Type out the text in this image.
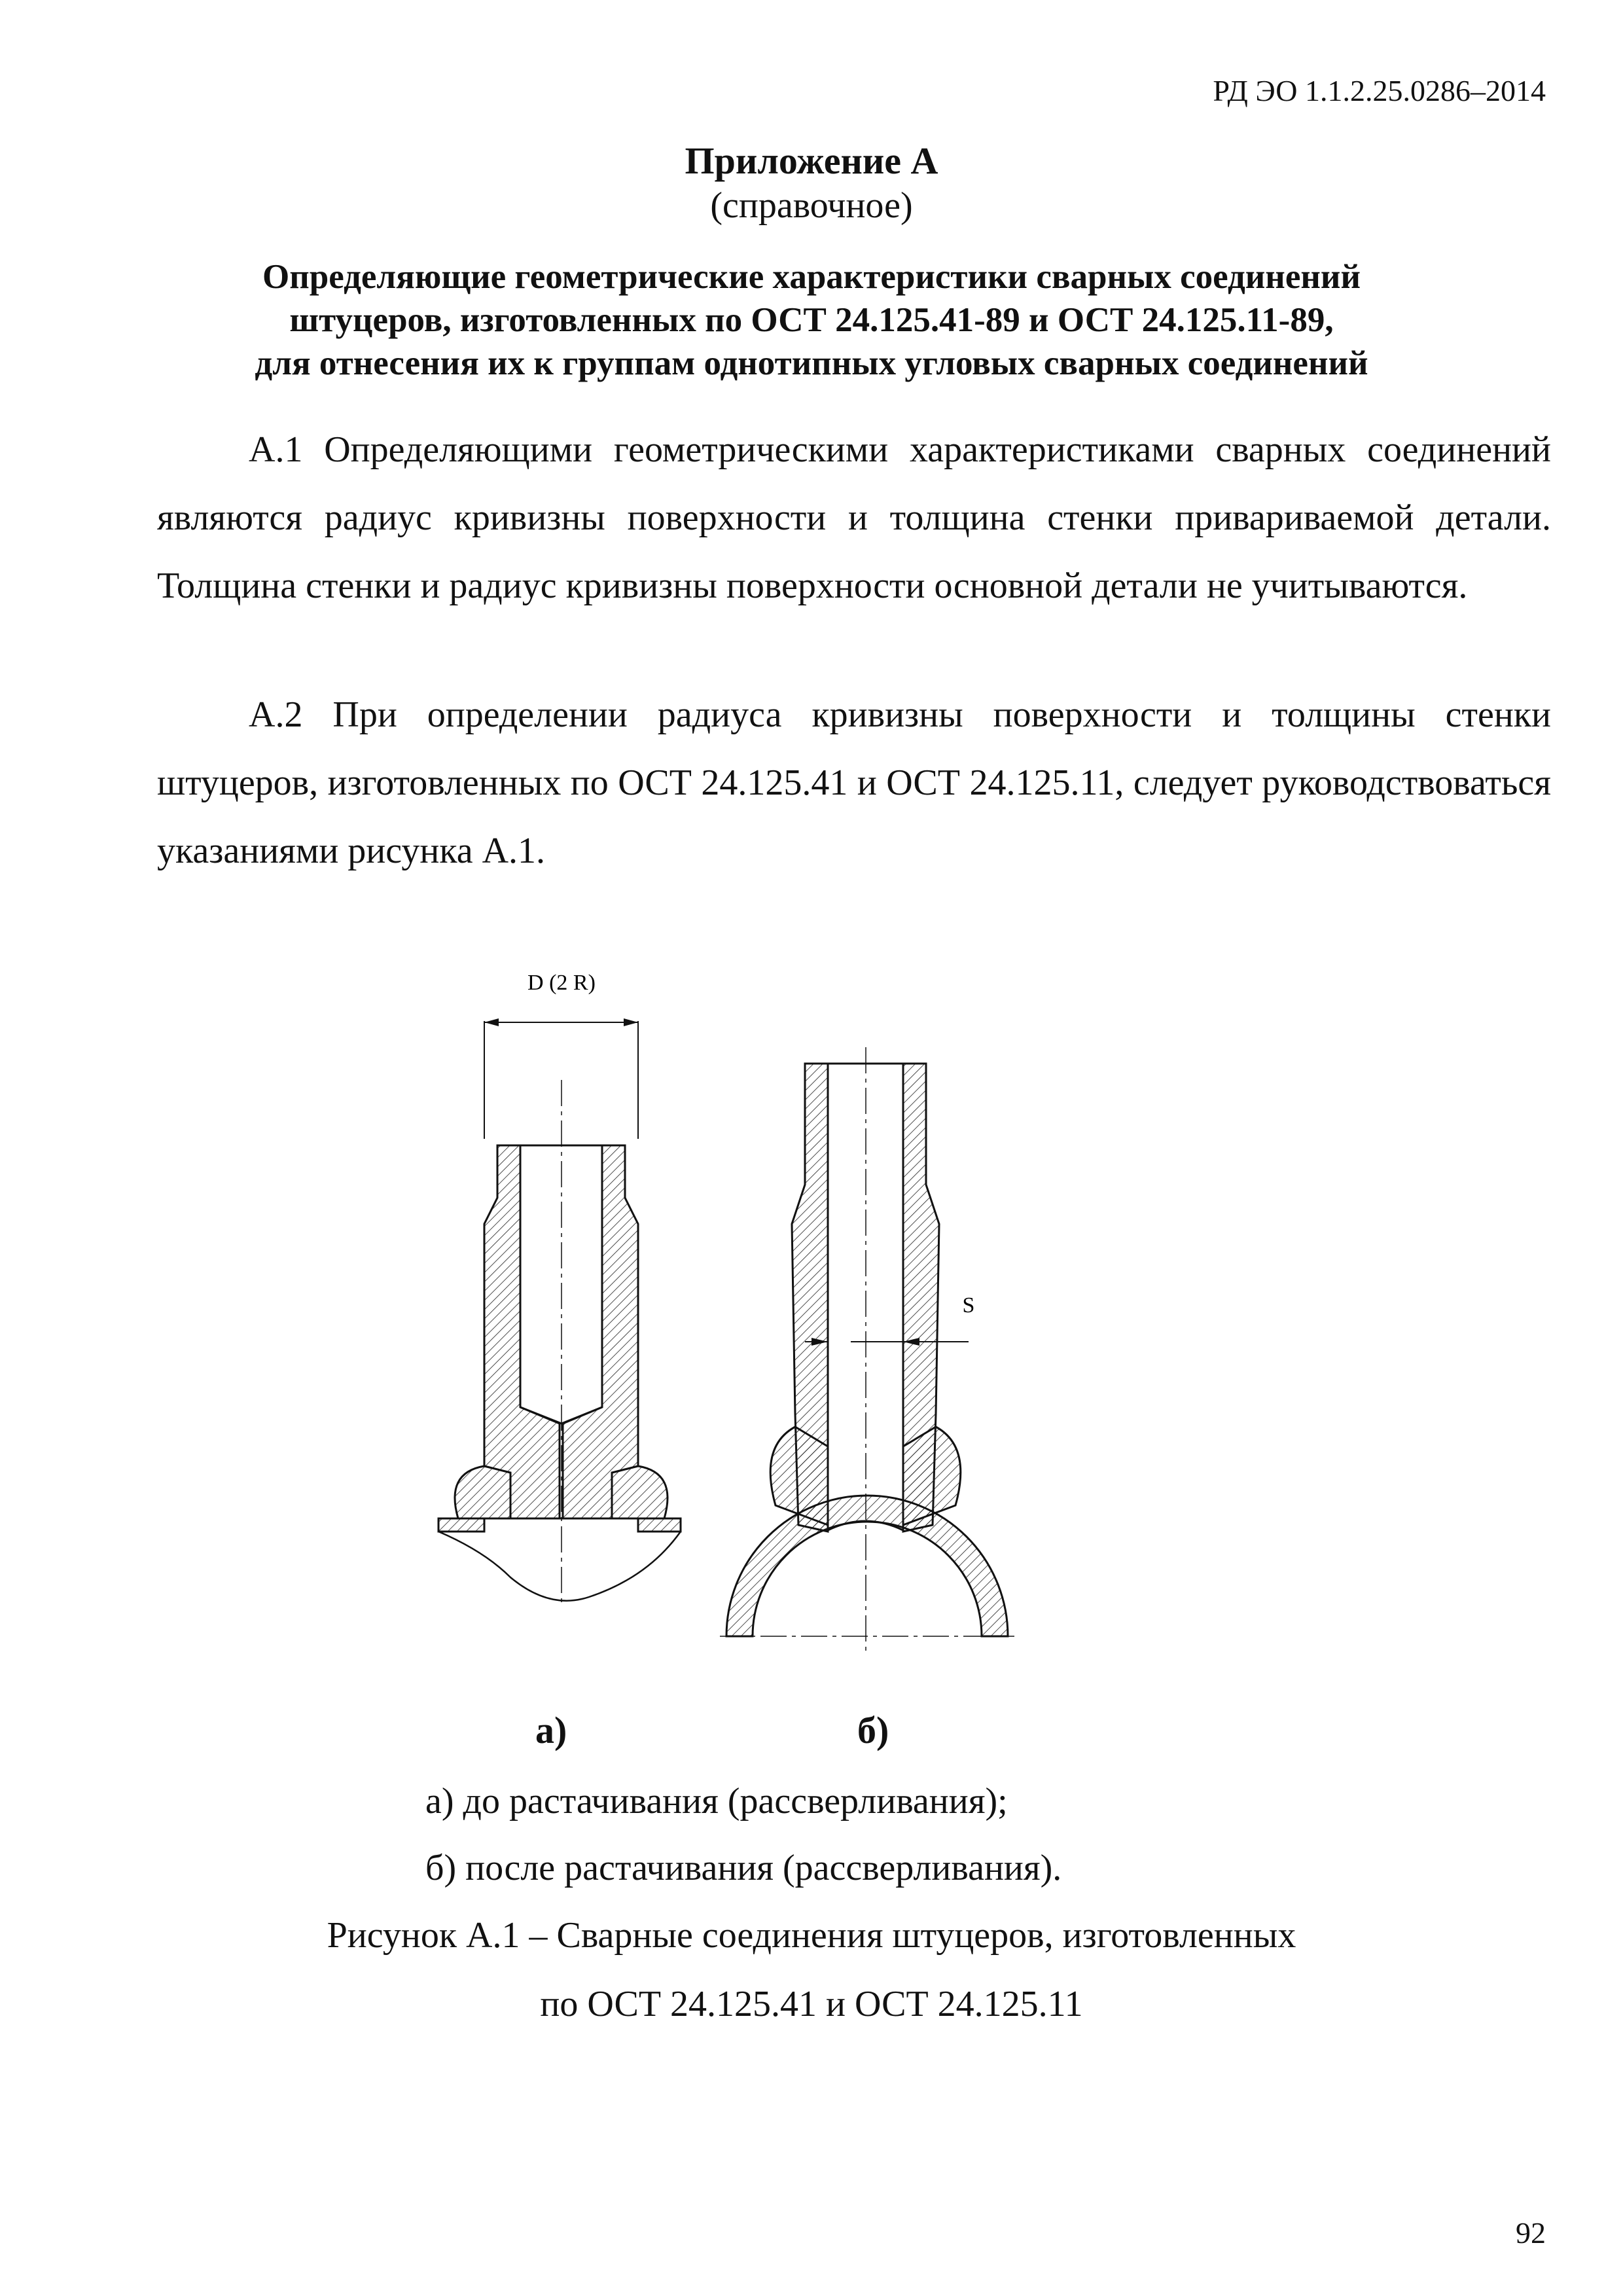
РД ЭО 1.1.2.25.0286–2014
Приложение А
(справочное)
Определяющие геометрические характеристики сварных соединений
штуцеров, изготовленных по ОСТ 24.125.41-89 и ОСТ 24.125.11-89,
для отнесения их к группам однотипных угловых сварных соединений
А.1 Определяющими геометрическими характеристиками сварных соединений являются радиус кривизны поверхности и толщина стенки привариваемой детали. Толщина стенки и радиус кривизны поверхности основной детали не учитываются.
А.2 При определении радиуса кривизны поверхности и толщины стенки штуцеров, изготовленных по ОСТ 24.125.41 и ОСТ 24.125.11, следует руководствоваться указаниями рисунка А.1.
D (2 R)
S
а)	б)
а) до растачивания (рассверливания);
б) после растачивания (рассверливания).
Рисунок А.1 – Сварные соединения штуцеров, изготовленных
по ОСТ 24.125.41 и ОСТ 24.125.11
92
